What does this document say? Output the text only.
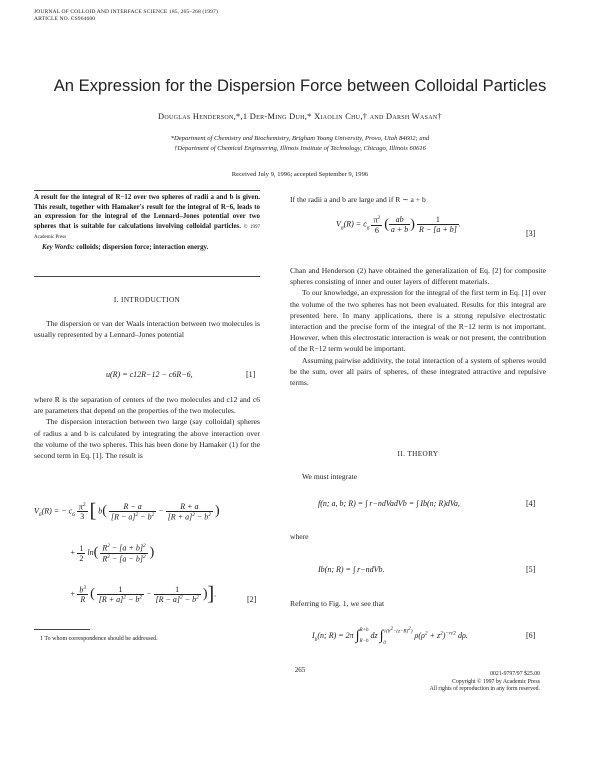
JOURNAL OF COLLOID AND INTERFACE SCIENCE 185, 265–268 (1997)
ARTICLE NO. CS964600
An Expression for the Dispersion Force between Colloidal Particles
Douglas Henderson,*,1 Der-Ming Duh,* Xiaolin Chu,† and Darsh Wasan†
*Department of Chemistry and Biochemistry, Brigham Young University, Provo, Utah 84602; and
†Department of Chemical Engineering, Illinois Institute of Technology, Chicago, Illinois 60616
Received July 9, 1996; accepted September 9, 1996
A result for the integral of R−12 over two spheres of radii a and b is given. This result, together with Hamaker's result for the integral of R−6, leads to an expression for the integral of the Lennard–Jones potential over two spheres that is suitable for calculations involving colloidal particles. © 1997 Academic Press
Key Words: colloids; dispersion force; interaction energy.
I. INTRODUCTION

The dispersion or van der Waals interaction between two molecules is usually represented by a Lennard–Jones potential

u(R) = c12R−12 − c6R−6,	[1]

where R is the separation of centers of the two molecules and c12 and c6 are parameters that depend on the properties of the two molecules.

The dispersion interaction between two large (say colloidal) spheres of radius a and b is calculated by integrating the above interaction over the volume of the two spheres. This has been done by Hamaker (1) for the second term in Eq. [1]. The result is

$V_6(R)$ = − $c_6 \frac{\pi^2}{3}$ [ $b( \frac{R - a}{[R - a]^2 - b^2} - \frac{R + a}{[R + a]^2 - b^2}$ )
+ $\frac{1}{2} \ln( \frac{R^2 - [a + b]^2}{R^2 - [a - b]^2}$ )
+ $\frac{b^3}{R}$ ( $\frac{1}{[R + a]^2 - b^2} - \frac{1}{[R - a]^2 - b^2}$ )].
[2]
1 To whom correspondence should be addressed.

If the radii a and b are large and if R ∼ a + b

$V_6(R) = c_6 \frac{\pi^2}{6}$ ( $\frac{ab}{a + b}$ ) $\frac{1}{R - [a + b]}$ .
[3]

Chan and Henderson (2) have obtained the generalization of Eq. [2] for composite spheres consisting of inner and outer layers of different materials.

To our knowledge, an expression for the integral of the first term in Eq. [1] over the volume of the two spheres has not been evaluated. Results for this integral are presented here. In many applications, there is a strong repulsive electrostatic interaction and the precise form of the integral of the R−12 term is not important. However, when this electrostatic interaction is weak or not present, the contribution of the R−12 term would be important.

Assuming pairwise additivity, the total interaction of a system of spheres would be the sum, over all pairs of spheres, of these integrated attractive and repulsive terms.

II. THEORY

We must integrate

f(n; a, b; R) = ∫ r−ndVadVb = ∫ Ib(n; R)dVa,	[4]

where

Ib(n; R) = ∫ r−ndVb.	[5]

Referring to Fig. 1, we see that

$I_b(n$; R) = 2π ∫ R+b
R−b
dz ∫ $√(b^2-(z-R)^2)$
0
$\rho(\rho^2 + z^2)^{-n/2}$ dρ.	[6]
265	0021-9797/97 $25.00
Copyright © 1997 by Academic Press
All rights of reproduction in any form reserved.
